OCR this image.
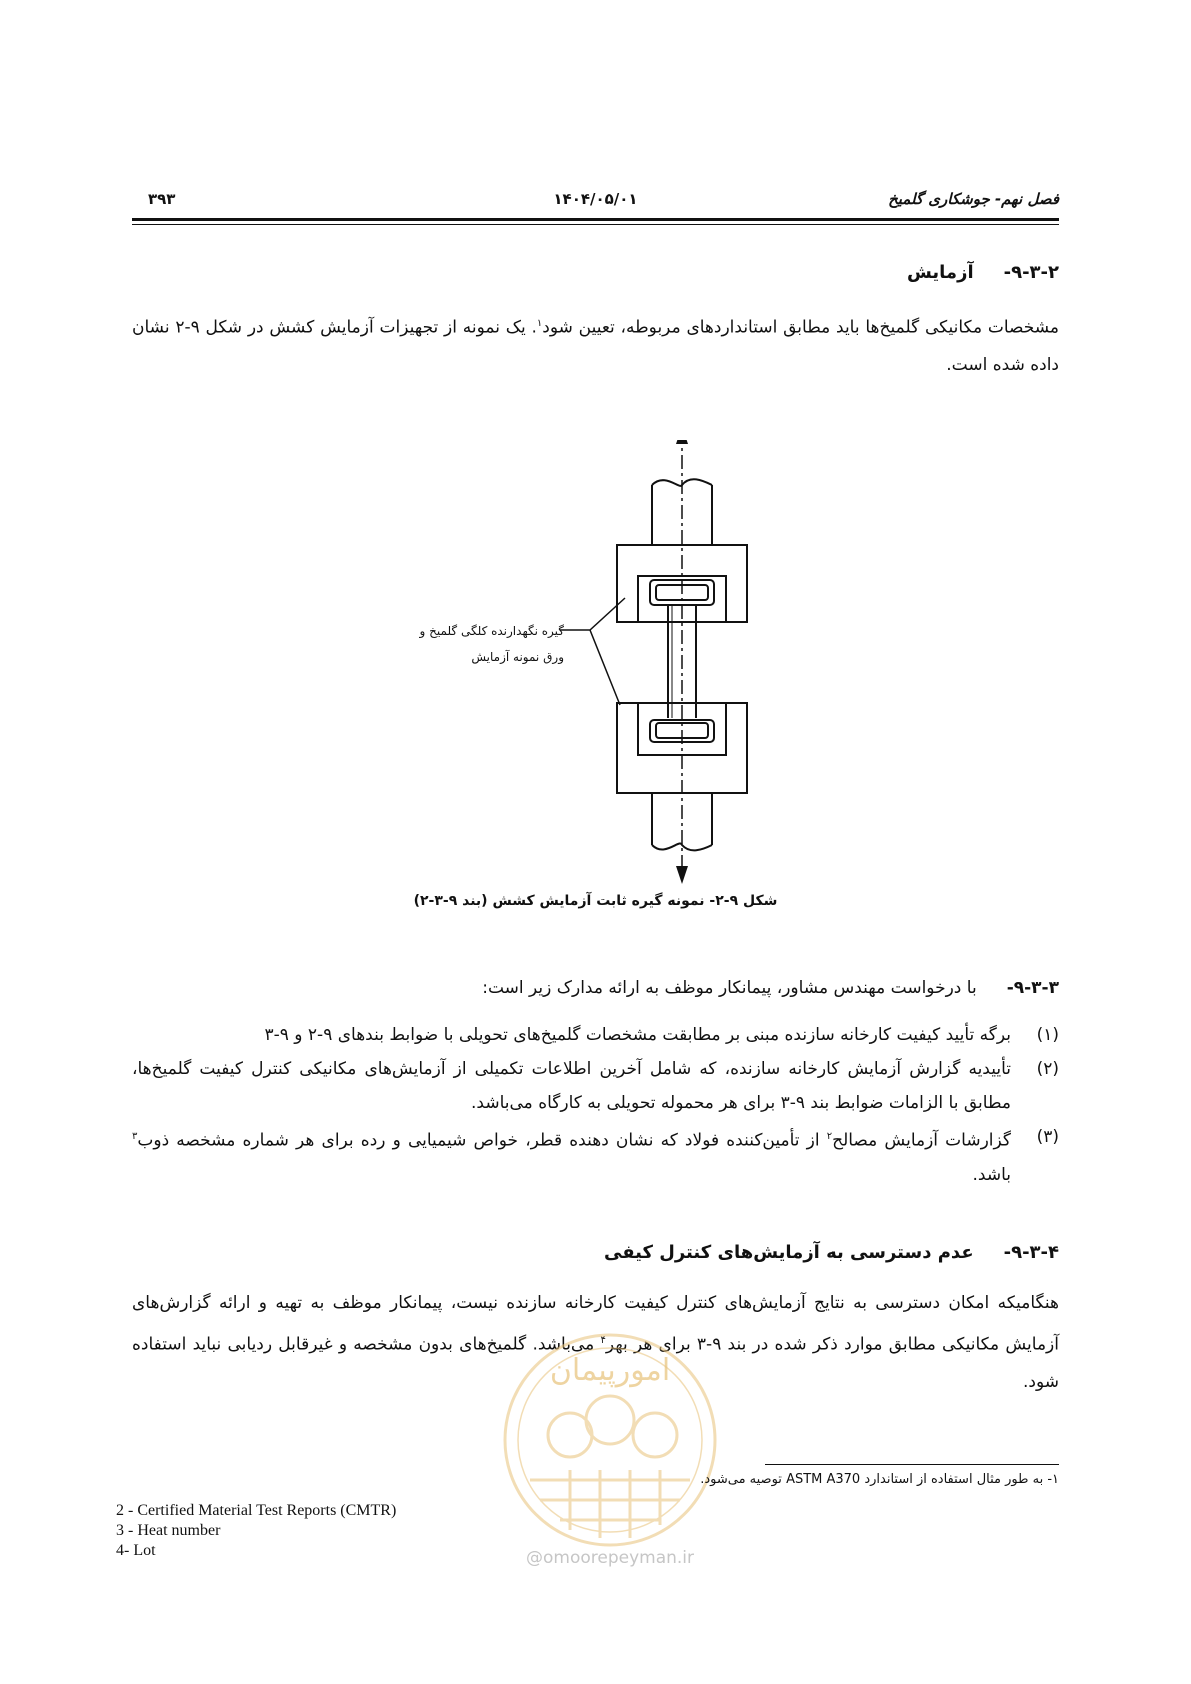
۳۹۳	۱۴۰۴/۰۵/۰۱	فصل نهم- جوشکاری گلمیخ
۹-۳-۲-آزمایش

مشخصات مکانیکی گلمیخ‌ها باید مطابق استانداردهای مربوطه، تعیین شود$^۱$. یک نمونه از تجهیزات آزمایش کشش در شکل ۹-۲ نشان داده شده است.

گیره نگهدارنده کلگی گلمیخ و
ورق نمونه آزمایش
شکل ۹-۲- نمونه گیره ثابت آزمایش کشش (بند ۹-۳-۲)
۹-۳-۳-با درخواست مهندس مشاور، پیمانکار موظف به ارائه مدارک زیر است:
(۱)
برگه تأیید کیفیت کارخانه سازنده مبنی بر مطابقت مشخصات گلمیخ‌های تحویلی با ضوابط بندهای ۹-۲ و ۹-۳
(۲)
تأییدیه گزارش آزمایش کارخانه سازنده، که شامل آخرین اطلاعات تکمیلی از آزمایش‌های مکانیکی کنترل کیفیت گلمیخ‌ها، مطابق با الزامات ضوابط بند ۹-۳ برای هر محموله تحویلی به کارگاه می‌باشد.
(۳)
گزارشات آزمایش مصالح$^۲$ از تأمین‌کننده فولاد که نشان دهنده قطر، خواص شیمیایی و رده برای هر شماره مشخصه ذوب$^۳$ باشد.
۹-۳-۴-عدم دسترسی به آزمایش‌های کنترل کیفی

هنگامیکه امکان دسترسی به نتایج آزمایش‌های کنترل کیفیت کارخانه سازنده نیست، پیمانکار موظف به تهیه و ارائه گزارش‌های آزمایش مکانیکی مطابق موارد ذکر شده در بند ۹-۳ برای هر بهر$^۴$ می‌باشد. گلمیخ‌های بدون مشخصه و غیرقابل ردیابی نباید استفاده شود.

امورپیمان
@omoorepeyman.ir
۱- به طور مثال استفاده از استاندارد ASTM A370 توصیه می‌شود.
2 - Certified Material Test Reports (CMTR)
3 - Heat number
4- Lot
